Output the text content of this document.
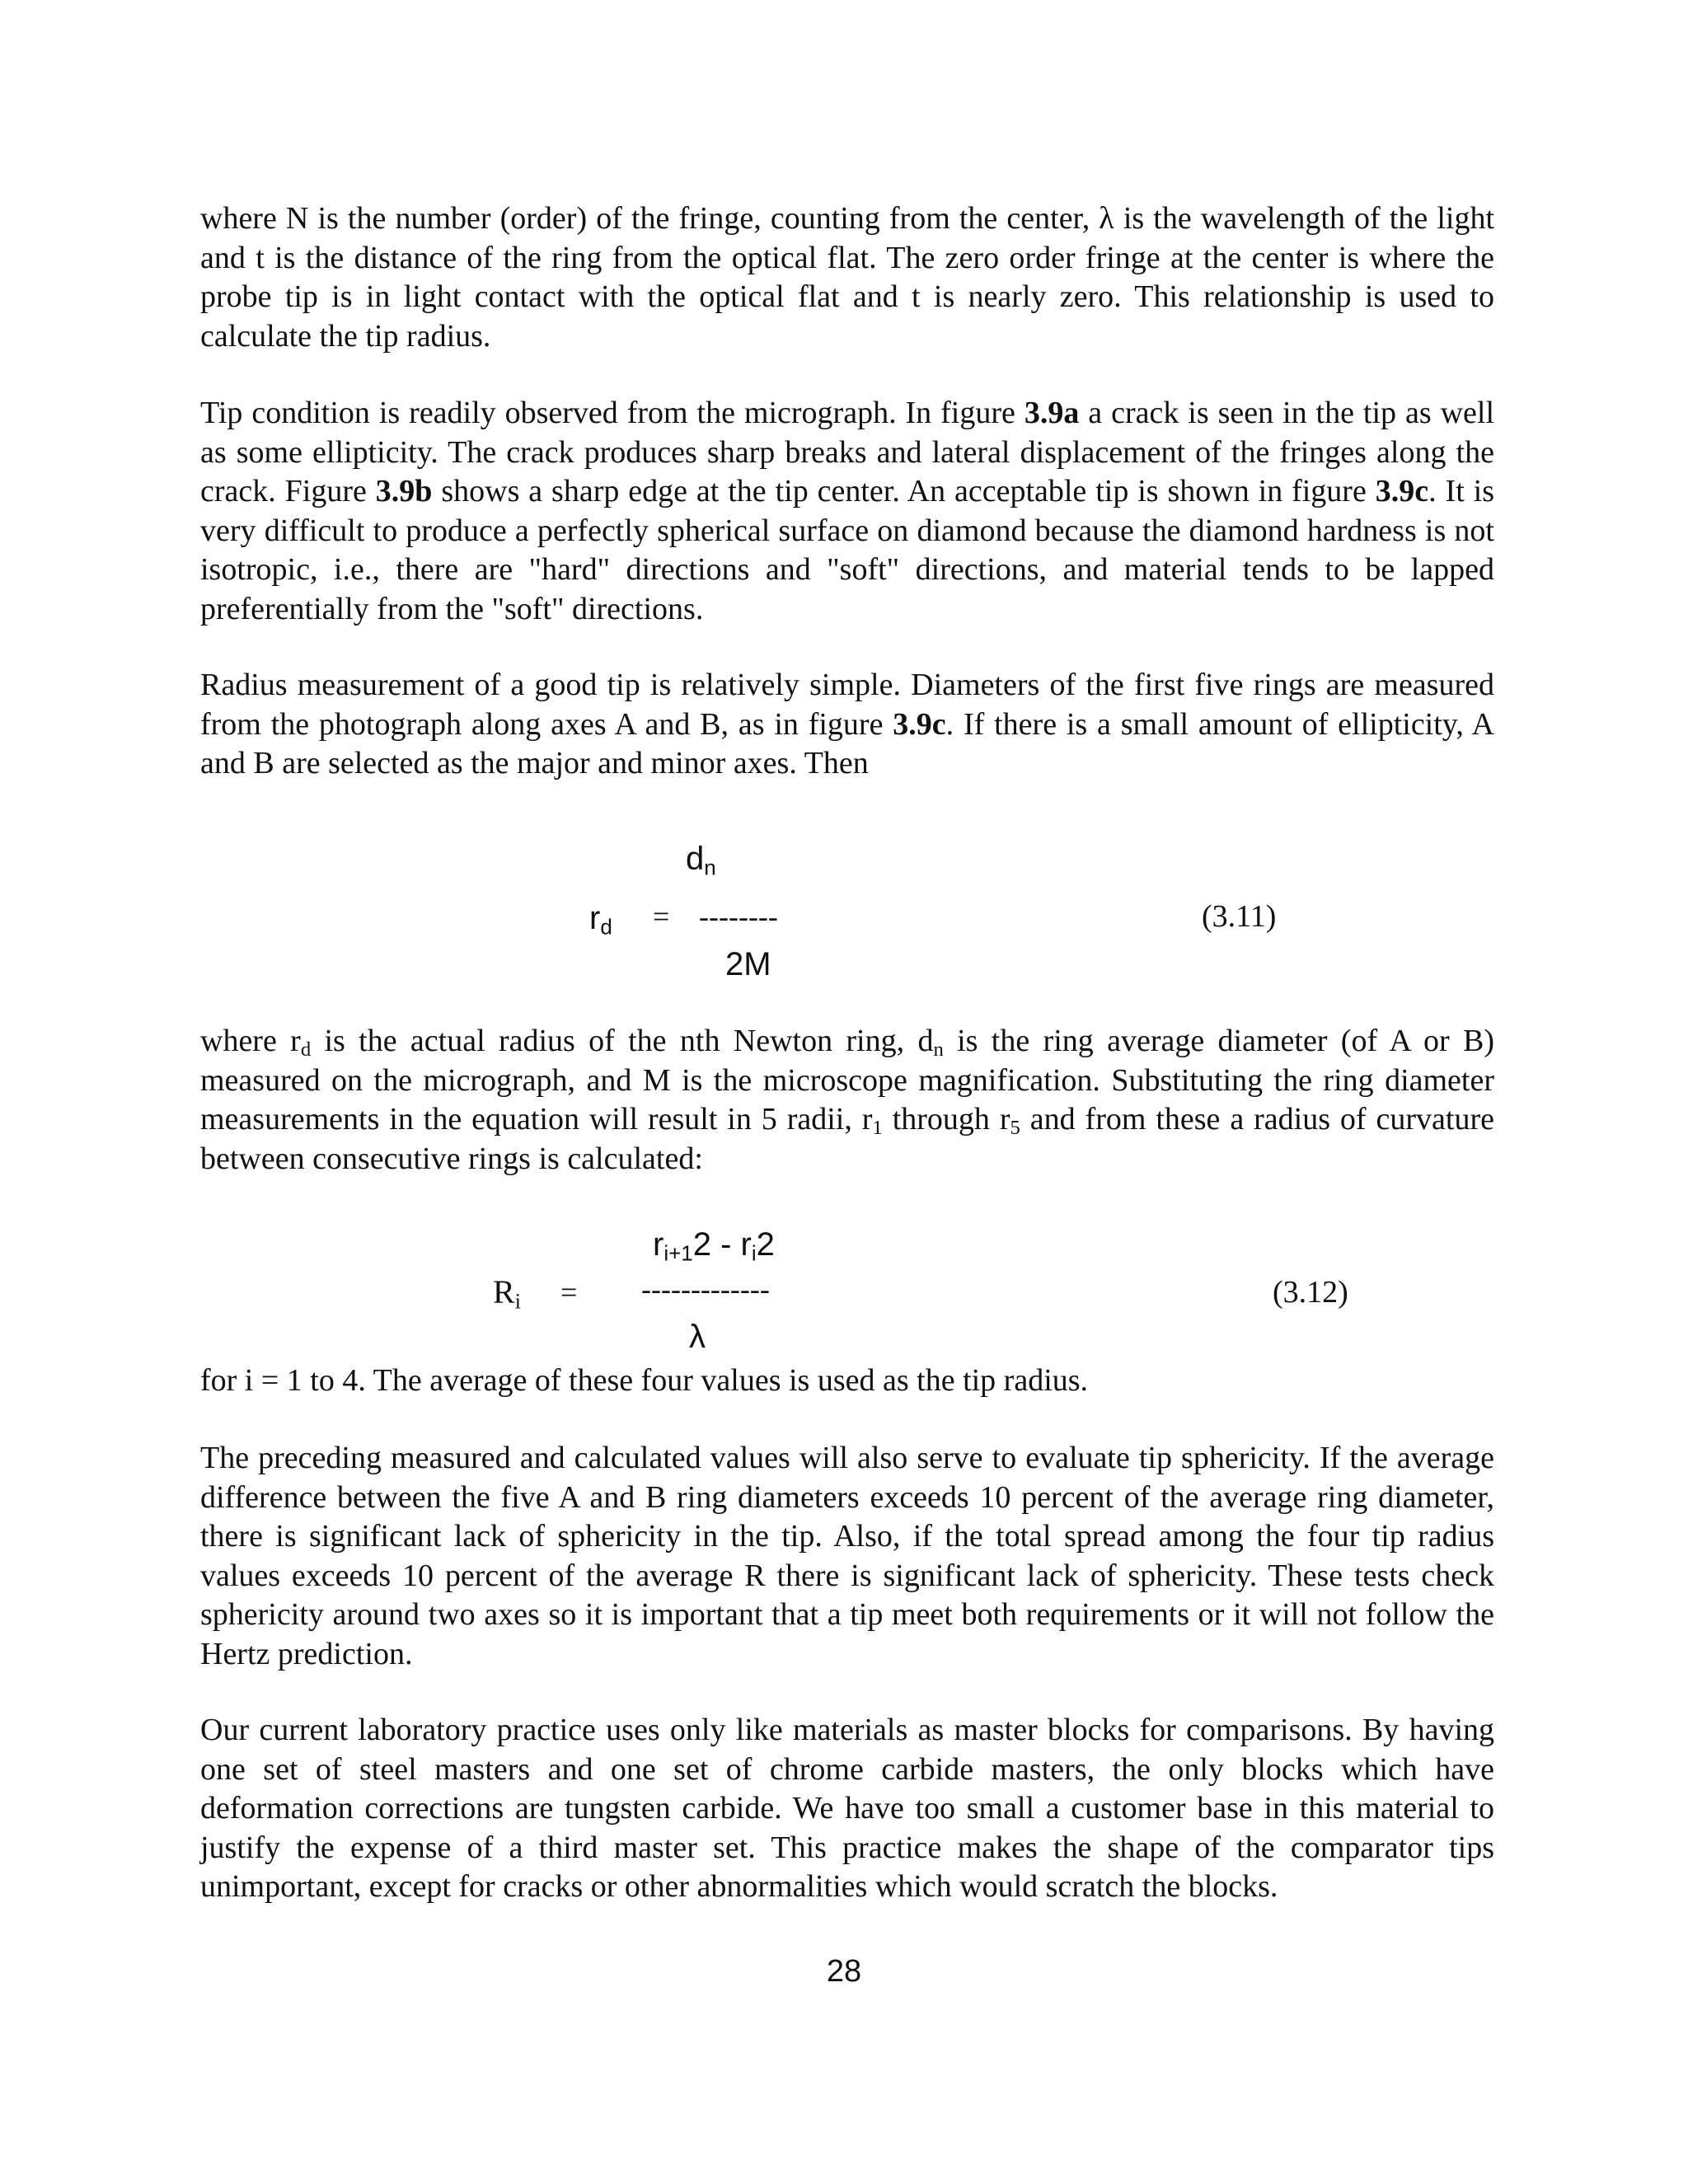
where N is the number (order) of the fringe, counting from the center, λ is the wavelength of the light and t is the distance of the ring from the optical flat. The zero order fringe at the center is where the probe tip is in light contact with the optical flat and t is nearly zero. This relationship is used to calculate the tip radius.

Tip condition is readily observed from the micrograph. In figure 3.9a a crack is seen in the tip as well as some ellipticity. The crack produces sharp breaks and lateral displacement of the fringes along the crack. Figure 3.9b shows a sharp edge at the tip center. An acceptable tip is shown in figure 3.9c. It is very difficult to produce a perfectly spherical surface on diamond because the diamond hardness is not isotropic, i.e., there are "hard" directions and "soft" directions, and material tends to be lapped preferentially from the "soft" directions.

Radius measurement of a good tip is relatively simple. Diameters of the first five rings are measured from the photograph along axes A and B, as in figure 3.9c. If there is a small amount of ellipticity, A and B are selected as the major and minor axes. Then

$d_n$
$r_d$ = --------
2M
(3.11)

where $r_d$ is the actual radius of the nth Newton ring, $d_n$ is the ring average diameter (of A or B) measured on the micrograph, and M is the microscope magnification. Substituting the ring diameter measurements in the equation will result in 5 radii, $r_1$ through $r_5$ and from these a radius of curvature between consecutive rings is calculated:

$r_{i+1}2 - r_i2$
$R_i$ = -------------
λ
(3.12)

for i = 1 to 4. The average of these four values is used as the tip radius.

The preceding measured and calculated values will also serve to evaluate tip sphericity. If the average difference between the five A and B ring diameters exceeds 10 percent of the average ring diameter, there is significant lack of sphericity in the tip. Also, if the total spread among the four tip radius values exceeds 10 percent of the average R there is significant lack of sphericity. These tests check sphericity around two axes so it is important that a tip meet both requirements or it will not follow the Hertz prediction.

Our current laboratory practice uses only like materials as master blocks for comparisons. By having one set of steel masters and one set of chrome carbide masters, the only blocks which have deformation corrections are tungsten carbide. We have too small a customer base in this material to justify the expense of a third master set. This practice makes the shape of the comparator tips unimportant, except for cracks or other abnormalities which would scratch the blocks.

28
